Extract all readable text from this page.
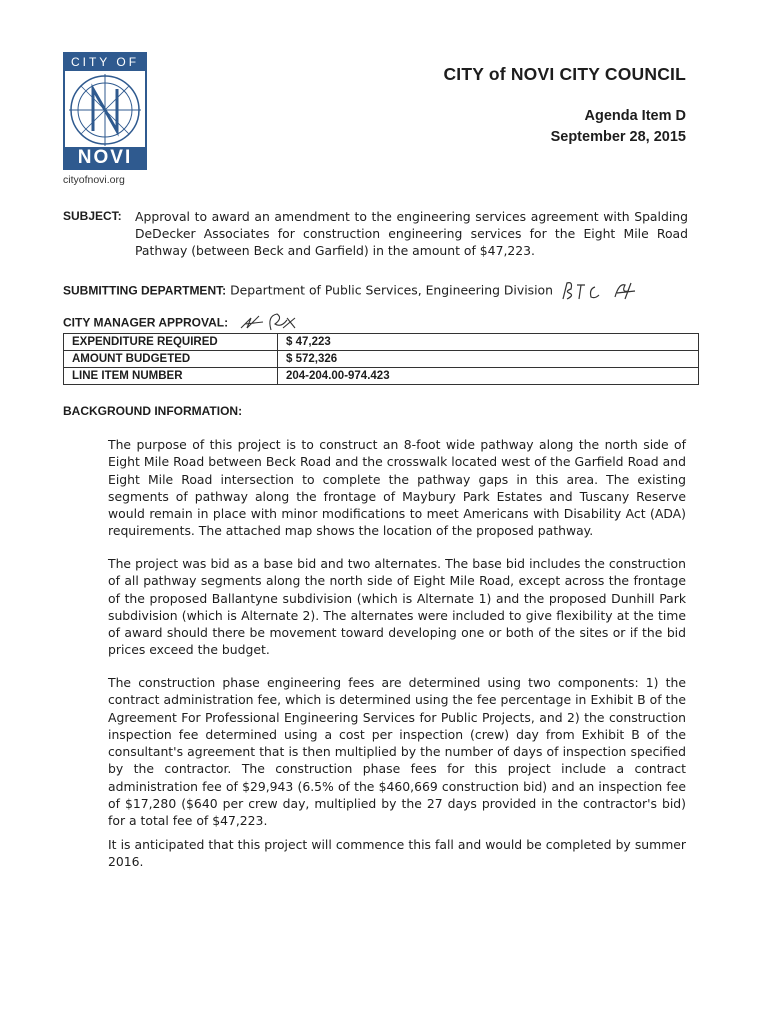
CITY OF
NOVI
cityofnovi.org
CITY of NOVI CITY COUNCIL
Agenda Item D
September 28, 2015
SUBJECT:	Approval to award an amendment to the engineering services agreement with Spalding DeDecker Associates for construction engineering services for the Eight Mile Road Pathway (between Beck and Garfield) in the amount of $47,223.
SUBMITTING DEPARTMENT: Department of Public Services, Engineering Division
CITY MANAGER APPROVAL:
EXPENDITURE REQUIRED	$ 47,223
AMOUNT BUDGETED	$ 572,326
LINE ITEM NUMBER	204-204.00-974.423
BACKGROUND INFORMATION:
The purpose of this project is to construct an 8-foot wide pathway along the north side of Eight Mile Road between Beck Road and the crosswalk located west of the Garfield Road and Eight Mile Road intersection to complete the pathway gaps in this area. The existing segments of pathway along the frontage of Maybury Park Estates and Tuscany Reserve would remain in place with minor modifications to meet Americans with Disability Act (ADA) requirements. The attached map shows the location of the proposed pathway.
The project was bid as a base bid and two alternates. The base bid includes the construction of all pathway segments along the north side of Eight Mile Road, except across the frontage of the proposed Ballantyne subdivision (which is Alternate 1) and the proposed Dunhill Park subdivision (which is Alternate 2). The alternates were included to give flexibility at the time of award should there be movement toward developing one or both of the sites or if the bid prices exceed the budget.
The construction phase engineering fees are determined using two components: 1) the contract administration fee, which is determined using the fee percentage in Exhibit B of the Agreement For Professional Engineering Services for Public Projects, and 2) the construction inspection fee determined using a cost per inspection (crew) day from Exhibit B of the consultant's agreement that is then multiplied by the number of days of inspection specified by the contractor. The construction phase fees for this project include a contract administration fee of $29,943 (6.5% of the $460,669 construction bid) and an inspection fee of $17,280 ($640 per crew day, multiplied by the 27 days provided in the contractor's bid) for a total fee of $47,223.
It is anticipated that this project will commence this fall and would be completed by summer 2016.
